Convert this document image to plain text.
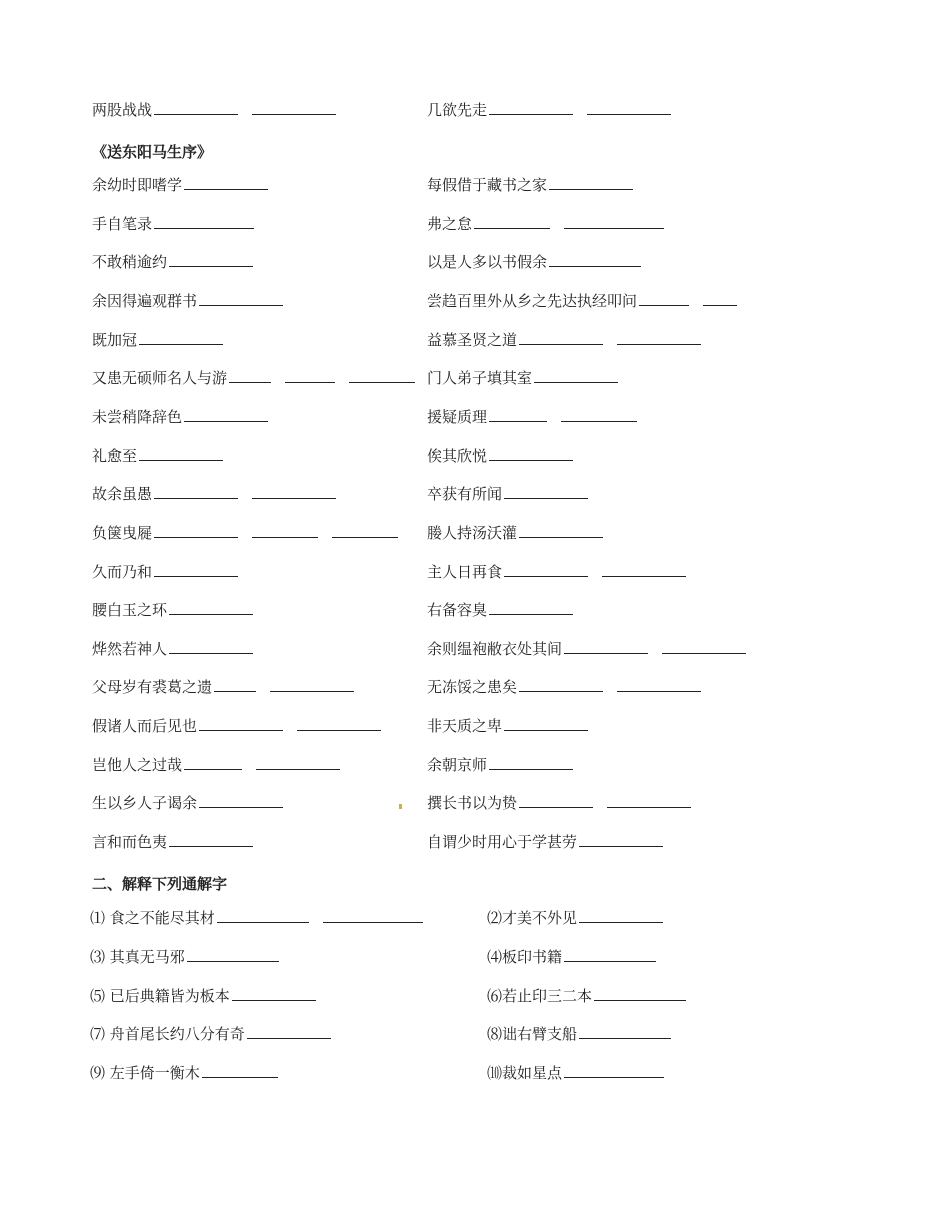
两股战战	几欲先走
《送东阳马生序》
余幼时即嗜学	每假借于藏书之家
手自笔录	弗之怠
不敢稍逾约	以是人多以书假余
余因得遍观群书	尝趋百里外从乡之先达执经叩问
既加冠	益慕圣贤之道
又患无硕师名人与游	门人弟子填其室
未尝稍降辞色	援疑质理
礼愈至	俟其欣悦
故余虽愚	卒获有所闻
负箧曳屣	媵人持汤沃灌
久而乃和	主人日再食
腰白玉之环	右备容臭
烨然若神人	余则缊袍敝衣处其间
父母岁有裘葛之遗	无冻馁之患矣
假诸人而后见也	非天质之卑
岂他人之过哉	余朝京师
生以乡人子谒余	撰长书以为贽
言和而色夷	自谓少时用心于学甚劳
二、解释下列通解字
⑴ 食之不能尽其材	⑵才美不外见
⑶ 其真无马邪	⑷板印书籍
⑸ 已后典籍皆为板本	⑹若止印三二本
⑺ 舟首尾长约八分有奇	⑻诎右臂支船
⑼ 左手倚一衡木	⑽裁如星点
